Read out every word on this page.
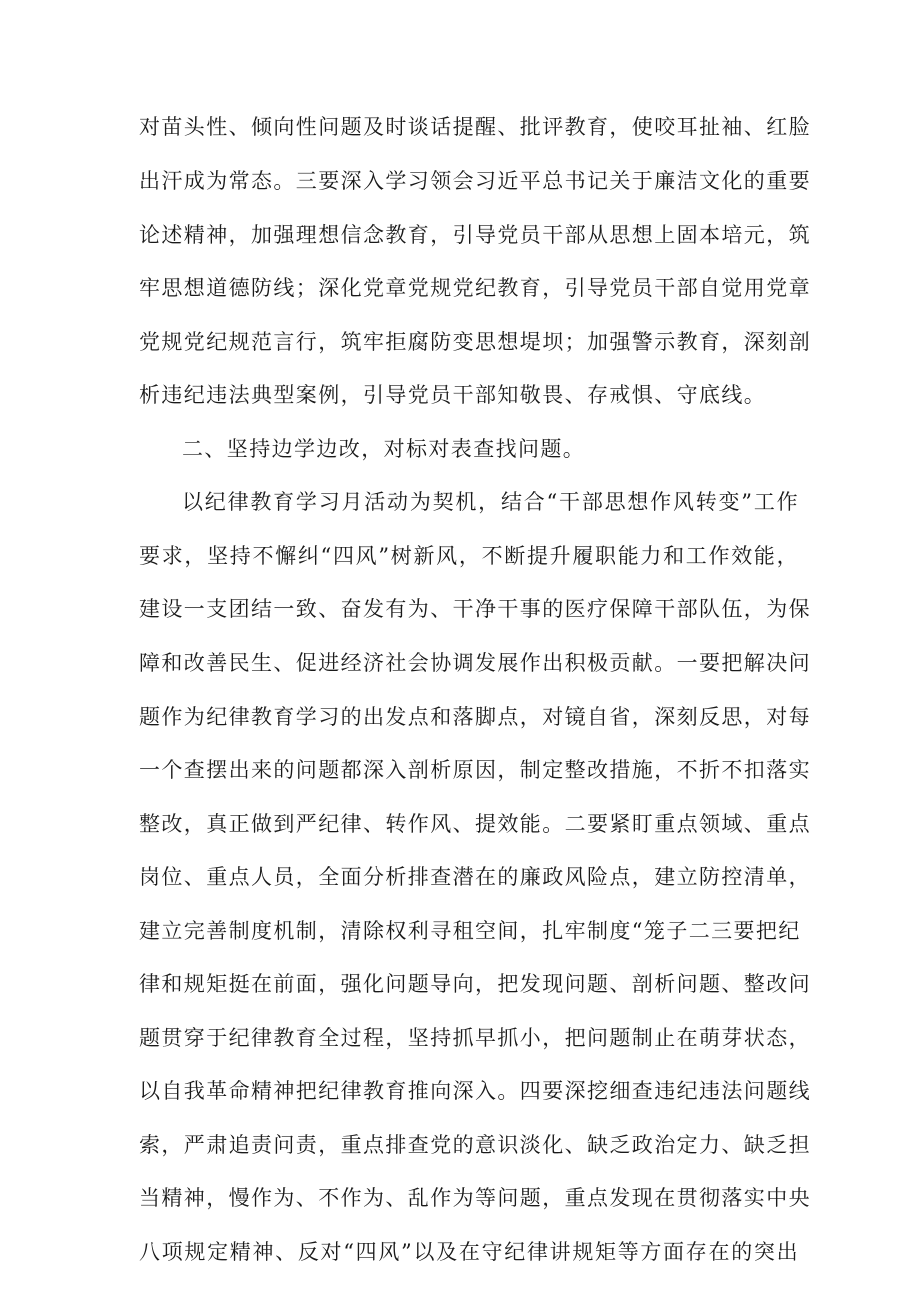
对苗头性、倾向性问题及时谈话提醒、批评教育，使咬耳扯袖、红脸
出汗成为常态。三要深入学习领会习近平总书记关于廉洁文化的重要
论述精神，加强理想信念教育，引导党员干部从思想上固本培元，筑
牢思想道德防线；深化党章党规党纪教育，引导党员干部自觉用党章
党规党纪规范言行，筑牢拒腐防变思想堤坝；加强警示教育，深刻剖
析违纪违法典型案例，引导党员干部知敬畏、存戒惧、守底线。
二、坚持边学边改，对标对表查找问题。
以纪律教育学习月活动为契机，结合“干部思想作风转变”工作
要求，坚持不懈纠“四风”树新风，不断提升履职能力和工作效能，
建设一支团结一致、奋发有为、干净干事的医疗保障干部队伍，为保
障和改善民生、促进经济社会协调发展作出积极贡献。一要把解决问
题作为纪律教育学习的出发点和落脚点，对镜自省，深刻反思，对每
一个查摆出来的问题都深入剖析原因，制定整改措施，不折不扣落实
整改，真正做到严纪律、转作风、提效能。二要紧盯重点领域、重点
岗位、重点人员，全面分析排查潜在的廉政风险点，建立防控清单，
建立完善制度机制，清除权利寻租空间，扎牢制度“笼子二三要把纪
律和规矩挺在前面，强化问题导向，把发现问题、剖析问题、整改问
题贯穿于纪律教育全过程，坚持抓早抓小，把问题制止在萌芽状态，
以自我革命精神把纪律教育推向深入。四要深挖细查违纪违法问题线
索，严肃追责问责，重点排查党的意识淡化、缺乏政治定力、缺乏担
当精神，慢作为、不作为、乱作为等问题，重点发现在贯彻落实中央
八项规定精神、反对“四风”以及在守纪律讲规矩等方面存在的突出
